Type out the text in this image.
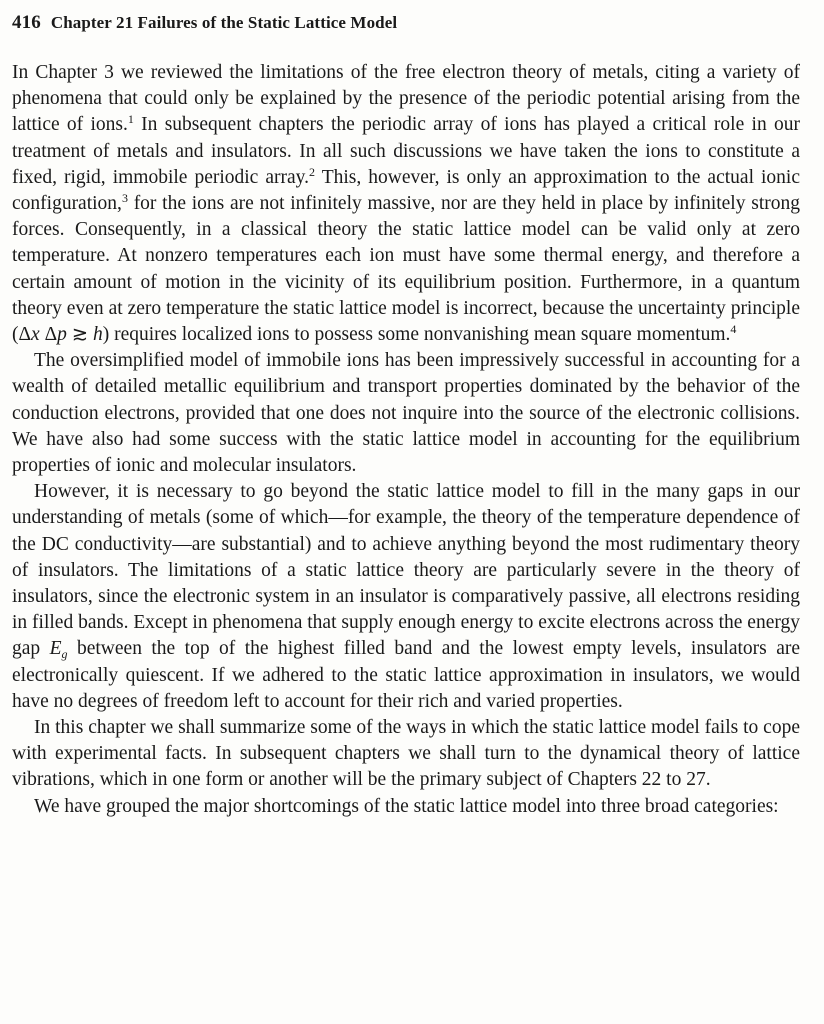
416 Chapter 21 Failures of the Static Lattice Model

In Chapter 3 we reviewed the limitations of the free electron theory of metals, citing a variety of phenomena that could only be explained by the presence of the periodic potential arising from the lattice of ions.$^1$ In subsequent chapters the periodic array of ions has played a critical role in our treatment of metals and insulators. In all such discussions we have taken the ions to constitute a fixed, rigid, immobile periodic array.$^2$ This, however, is only an approximation to the actual ionic configuration,$^3$ for the ions are not infinitely massive, nor are they held in place by infinitely strong forces. Consequently, in a classical theory the static lattice model can be valid only at zero temperature. At nonzero temperatures each ion must have some thermal energy, and therefore a certain amount of motion in the vicinity of its equilibrium position. Furthermore, in a quantum theory even at zero temperature the static lattice model is incorrect, because the uncertainty principle (Δx Δp ≳ h) requires localized ions to possess some nonvanishing mean square momentum.$^4$

The oversimplified model of immobile ions has been impressively successful in accounting for a wealth of detailed metallic equilibrium and transport properties dominated by the behavior of the conduction electrons, provided that one does not inquire into the source of the electronic collisions. We have also had some success with the static lattice model in accounting for the equilibrium properties of ionic and molecular insulators.

However, it is necessary to go beyond the static lattice model to fill in the many gaps in our understanding of metals (some of which—for example, the theory of the temperature dependence of the DC conductivity—are substantial) and to achieve anything beyond the most rudimentary theory of insulators. The limitations of a static lattice theory are particularly severe in the theory of insulators, since the electronic system in an insulator is comparatively passive, all electrons residing in filled bands. Except in phenomena that supply enough energy to excite electrons across the energy gap $E_g$ between the top of the highest filled band and the lowest empty levels, insulators are electronically quiescent. If we adhered to the static lattice approximation in insulators, we would have no degrees of freedom left to account for their rich and varied properties.

In this chapter we shall summarize some of the ways in which the static lattice model fails to cope with experimental facts. In subsequent chapters we shall turn to the dynamical theory of lattice vibrations, which in one form or another will be the primary subject of Chapters 22 to 27.

We have grouped the major shortcomings of the static lattice model into three broad categories:
